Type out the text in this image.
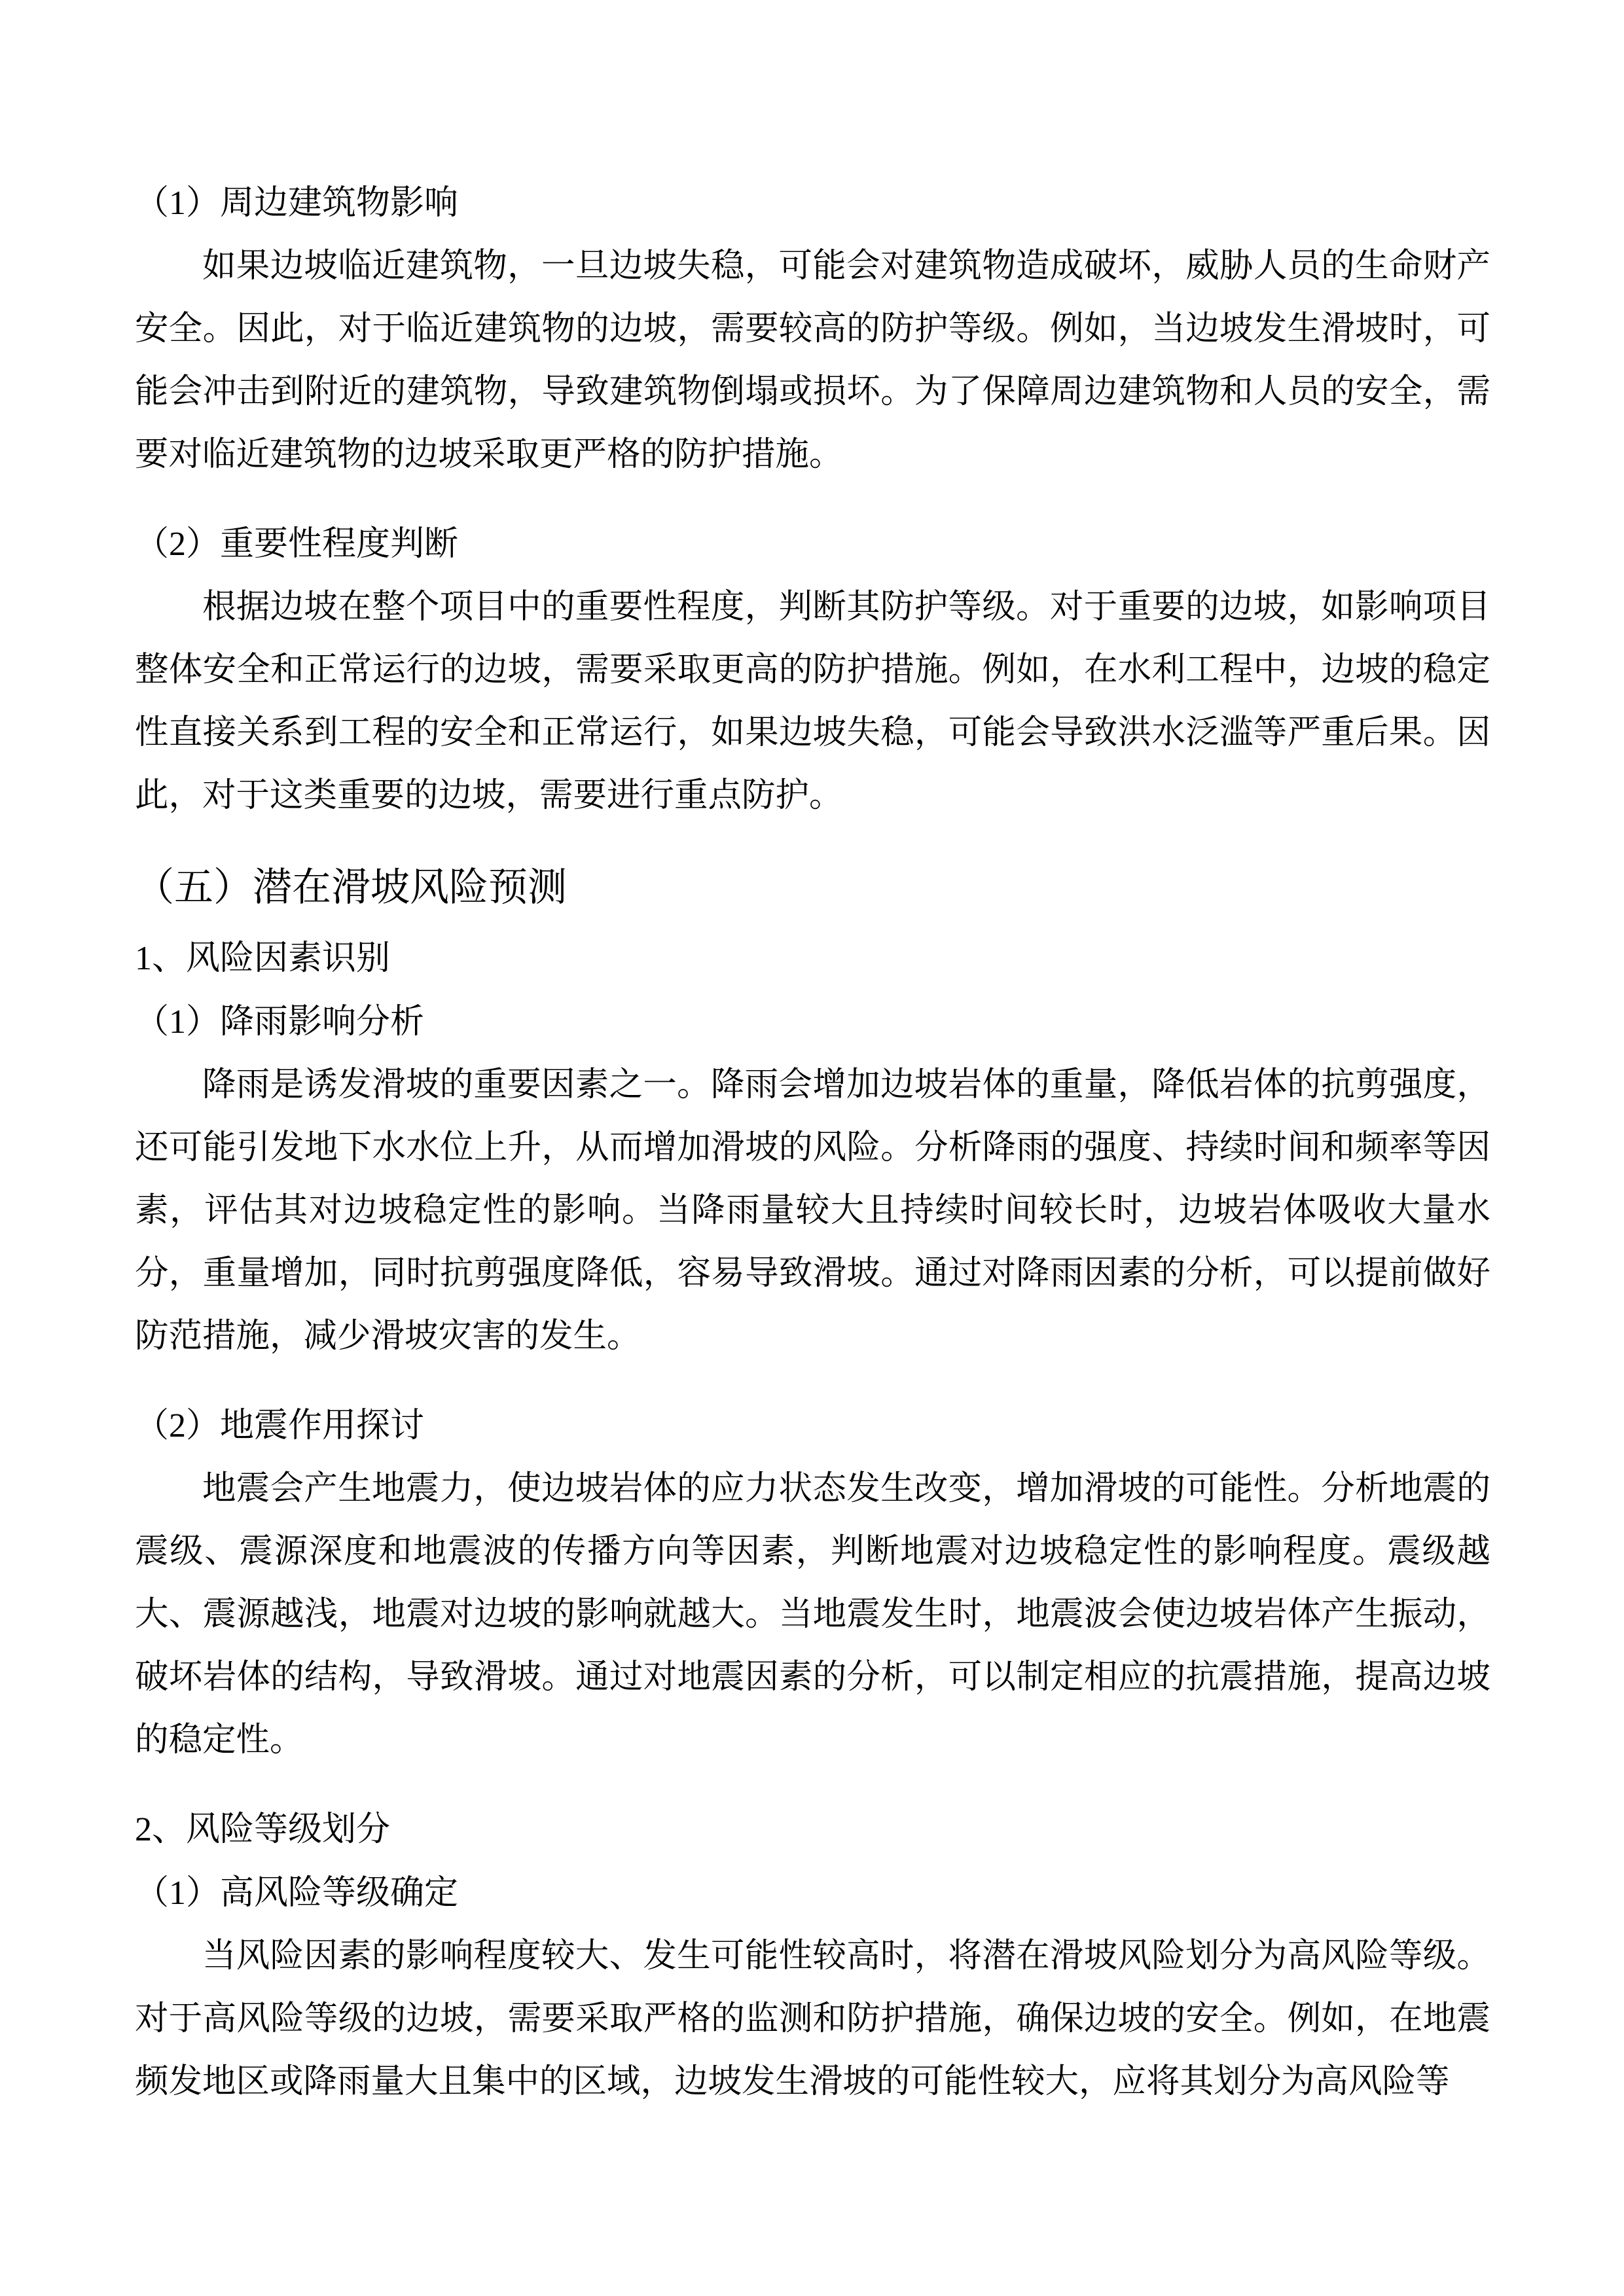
（1）周边建筑物影响

如果边坡临近建筑物，一旦边坡失稳，可能会对建筑物造成破坏，威胁人员的生命财产安全。因此，对于临近建筑物的边坡，需要较高的防护等级。例如，当边坡发生滑坡时，可能会冲击到附近的建筑物，导致建筑物倒塌或损坏。为了保障周边建筑物和人员的安全，需要对临近建筑物的边坡采取更严格的防护措施。

（2）重要性程度判断

根据边坡在整个项目中的重要性程度，判断其防护等级。对于重要的边坡，如影响项目整体安全和正常运行的边坡，需要采取更高的防护措施。例如，在水利工程中，边坡的稳定性直接关系到工程的安全和正常运行，如果边坡失稳，可能会导致洪水泛滥等严重后果。因此，对于这类重要的边坡，需要进行重点防护。

（五）潜在滑坡风险预测
1、风险因素识别
（1）降雨影响分析

降雨是诱发滑坡的重要因素之一。降雨会增加边坡岩体的重量，降低岩体的抗剪强度，还可能引发地下水水位上升，从而增加滑坡的风险。分析降雨的强度、持续时间和频率等因素，评估其对边坡稳定性的影响。当降雨量较大且持续时间较长时，边坡岩体吸收大量水分，重量增加，同时抗剪强度降低，容易导致滑坡。通过对降雨因素的分析，可以提前做好防范措施，减少滑坡灾害的发生。

（2）地震作用探讨

地震会产生地震力，使边坡岩体的应力状态发生改变，增加滑坡的可能性。分析地震的震级、震源深度和地震波的传播方向等因素，判断地震对边坡稳定性的影响程度。震级越大、震源越浅，地震对边坡的影响就越大。当地震发生时，地震波会使边坡岩体产生振动，破坏岩体的结构，导致滑坡。通过对地震因素的分析，可以制定相应的抗震措施，提高边坡的稳定性。

2、风险等级划分
（1）高风险等级确定

当风险因素的影响程度较大、发生可能性较高时，将潜在滑坡风险划分为高风险等级。对于高风险等级的边坡，需要采取严格的监测和防护措施，确保边坡的安全。例如，在地震频发地区或降雨量大且集中的区域，边坡发生滑坡的可能性较大，应将其划分为高风险等
